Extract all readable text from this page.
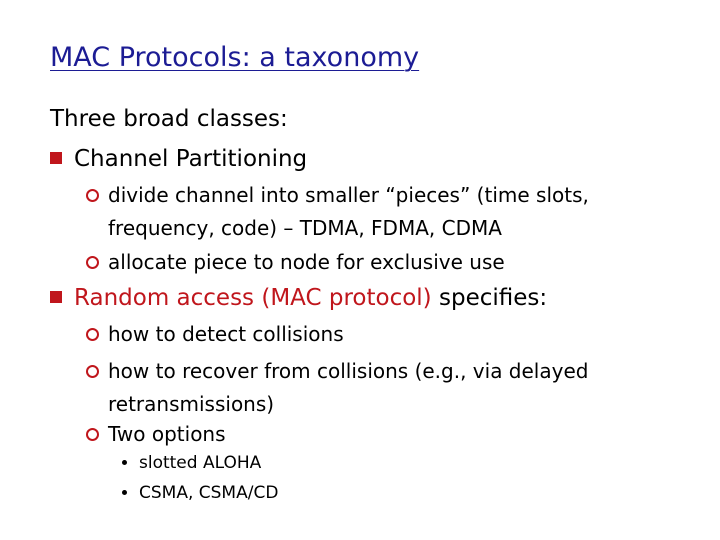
MAC Protocols: a taxonomy
Three broad classes:
Channel Partitioning
divide channel into smaller “pieces” (time slots, frequency, code) – TDMA, FDMA, CDMA
allocate piece to node for exclusive use
Random access (MAC protocol) specifies:
how to detect collisions
how to recover from collisions (e.g., via delayed retransmissions)
Two options
slotted ALOHA
CSMA, CSMA/CD
